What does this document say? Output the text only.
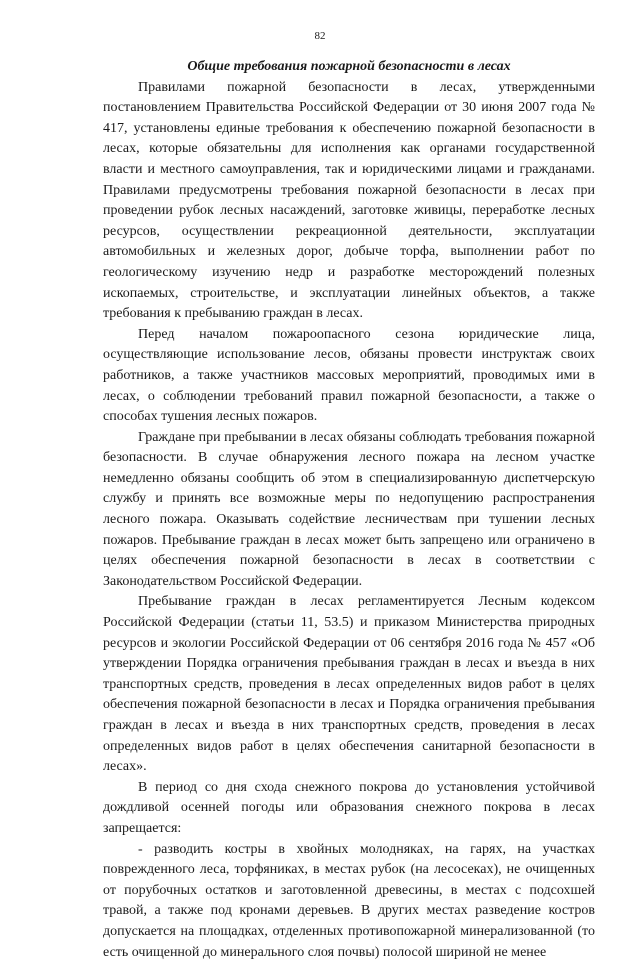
82

Общие требования пожарной безопасности в лесах

Правилами пожарной безопасности в лесах, утвержденными постановлением Правительства Российской Федерации от 30 июня 2007 года № 417, установлены единые требования к обеспечению пожарной безопасности в лесах, которые обязательны для исполнения как органами государственной власти и местного самоуправления, так и юридическими лицами и гражданами. Правилами предусмотрены требования пожарной безопасности в лесах при проведении рубок лесных насаждений, заготовке живицы, переработке лесных ресурсов, осуществлении рекреационной деятельности, эксплуатации автомобильных и железных дорог, добыче торфа, выполнении работ по геологическому изучению недр и разработке месторождений полезных ископаемых, строительстве, и эксплуатации линейных объектов, а также требования к пребыванию граждан в лесах.

Перед началом пожароопасного сезона юридические лица, осуществляющие использование лесов, обязаны провести инструктаж своих работников, а также участников массовых мероприятий, проводимых ими в лесах, о соблюдении требований правил пожарной безопасности, а также о способах тушения лесных пожаров.

Граждане при пребывании в лесах обязаны соблюдать требования пожарной безопасности. В случае обнаружения лесного пожара на лесном участке немедленно обязаны сообщить об этом в специализированную диспетчерскую службу и принять все возможные меры по недопущению распространения лесного пожара. Оказывать содействие лесничествам при тушении лесных пожаров. Пребывание граждан в лесах может быть запрещено или ограничено в целях обеспечения пожарной безопасности в лесах в соответствии с Законодательством Российской Федерации.

Пребывание граждан в лесах регламентируется Лесным кодексом Российской Федерации (статьи 11, 53.5) и приказом Министерства природных ресурсов и экологии Российской Федерации от 06 сентября 2016 года № 457 «Об утверждении Порядка ограничения пребывания граждан в лесах и въезда в них транспортных средств, проведения в лесах определенных видов работ в целях обеспечения пожарной безопасности в лесах и Порядка ограничения пребывания граждан в лесах и въезда в них транспортных средств, проведения в лесах определенных видов работ в целях обеспечения санитарной безопасности в лесах».

В период со дня схода снежного покрова до установления устойчивой дождливой осенней погоды или образования снежного покрова в лесах запрещается:

- разводить костры в хвойных молодняках, на гарях, на участках поврежденного леса, торфяниках, в местах рубок (на лесосеках), не очищенных от порубочных остатков и заготовленной древесины, в местах с подсохшей травой, а также под кронами деревьев. В других местах разведение костров допускается на площадках, отделенных противопожарной минерализованной (то есть очищенной до минерального слоя почвы) полосой шириной не менее
